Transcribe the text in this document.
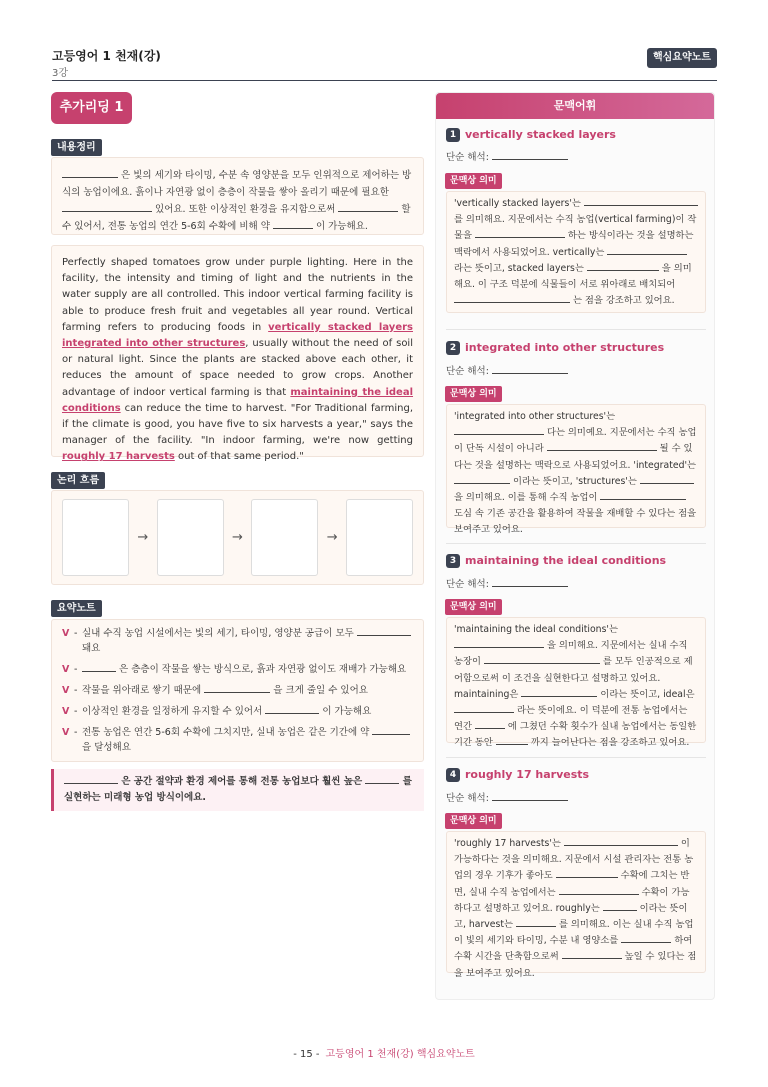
고등영어 1 천재(강)
3강
핵심요약노트
추가리딩 1
내용정리
은 빛의 세기와 타이밍, 수분 속 영양분을 모두 인위적으로 제어하는 방식의 농업이에요. 흙이나 자연광 없이 층층이 작물을 쌓아 올리기 때문에 필요한  있어요. 또한 이상적인 환경을 유지함으로써	할 수 있어서, 전통 농업의 연간 5-6회 수확에 비해 약	이 가능해요.
Perfectly shaped tomatoes grow under purple lighting. Here in the facility, the intensity and timing of light and the nutrients in the water supply are all controlled. This indoor vertical farming facility is able to produce fresh fruit and vegetables all year round. Vertical farming refers to producing foods in vertically stacked layers integrated into other structures, usually without the need of soil or natural light. Since the plants are stacked above each other, it reduces the amount of space needed to grow crops. Another advantage of indoor vertical farming is that maintaining the ideal conditions can reduce the time to harvest. "For Traditional farming, if the climate is good, you have five to six harvests a year," says the manager of the facility. "In indoor farming, we're now getting roughly 17 harvests out of that same period."
논리 흐름
→	→	→
요약노트
V - 실내 수직 농업 시설에서는 빛의 세기, 타이밍, 영양분 공급이 모두
돼요
V -	은 층층이 작물을 쌓는 방식으로, 흙과 자연광 없이도 재배가 가능해요
V - 작물을 위아래로 쌓기 때문에	을 크게 줄일 수 있어요
V - 이상적인 환경을 일정하게 유지할 수 있어서	이 가능해요
V - 전통 농업은 연간 5-6회 수확에 그치지만, 실내 농업은 같은 기간에 약
을 달성해요
은 공간 절약과 환경 제어를 통해 전통 농업보다 훨씬 높은	를 실현하는 미래형 농업 방식이에요.
문맥어휘
1 vertically stacked layers
단순 해석:
문맥상 의미
'vertically stacked layers'는  를 의미해요. 지문에서는 수직 농업(vertical farming)이 작물을	하는 방식이라는 것을 설명하는 맥락에서 사용되었어요. vertically는  라는 뜻이고, stacked layers는	을 의미해요. 이 구조 덕분에 식물들이 서로 위아래로 배치되어  는 점을 강조하고 있어요.
2 integrated into other structures
단순 해석:
문맥상 의미
'integrated into other structures'는  다는 의미예요. 지문에서는 수직 농업이 단독 시설이 아니라	될 수 있다는 것을 설명하는 맥락으로 사용되었어요. 'integrated'는  이라는 뜻이고, 'structures'는  을 의미해요. 이를 통해 수직 농업이  도심 속 기존 공간을 활용하여 작물을 재배할 수 있다는 점을 보여주고 있어요.
3 maintaining the ideal conditions
단순 해석:
문맥상 의미
'maintaining the ideal conditions'는  을 의미해요. 지문에서는 실내 수직 농장이	를 모두 인공적으로 제어함으로써 이 조건을 실현한다고 설명하고 있어요. maintaining은	이라는 뜻이고, ideal은  라는 뜻이에요. 이 덕분에 전통 농업에서는 연간	에 그쳤던 수확 횟수가 실내 농업에서는 동일한 기간 동안	까지 늘어난다는 점을 강조하고 있어요.
4 roughly 17 harvests
단순 해석:
문맥상 의미
'roughly 17 harvests'는	이 가능하다는 것을 의미해요. 지문에서 시설 관리자는 전통 농업의 경우 기후가 좋아도	수확에 그치는 반면, 실내 수직 농업에서는	수확이 가능하다고 설명하고 있어요. roughly는	이라는 뜻이고, harvest는	를 의미해요. 이는 실내 수직 농업이 빛의 세기와 타이밍, 수분 내 영양소를	하여 수확 시간을 단축함으로써	높일 수 있다는 점을 보여주고 있어요.
- 15 - 고등영어 1 천재(강) 핵심요약노트
